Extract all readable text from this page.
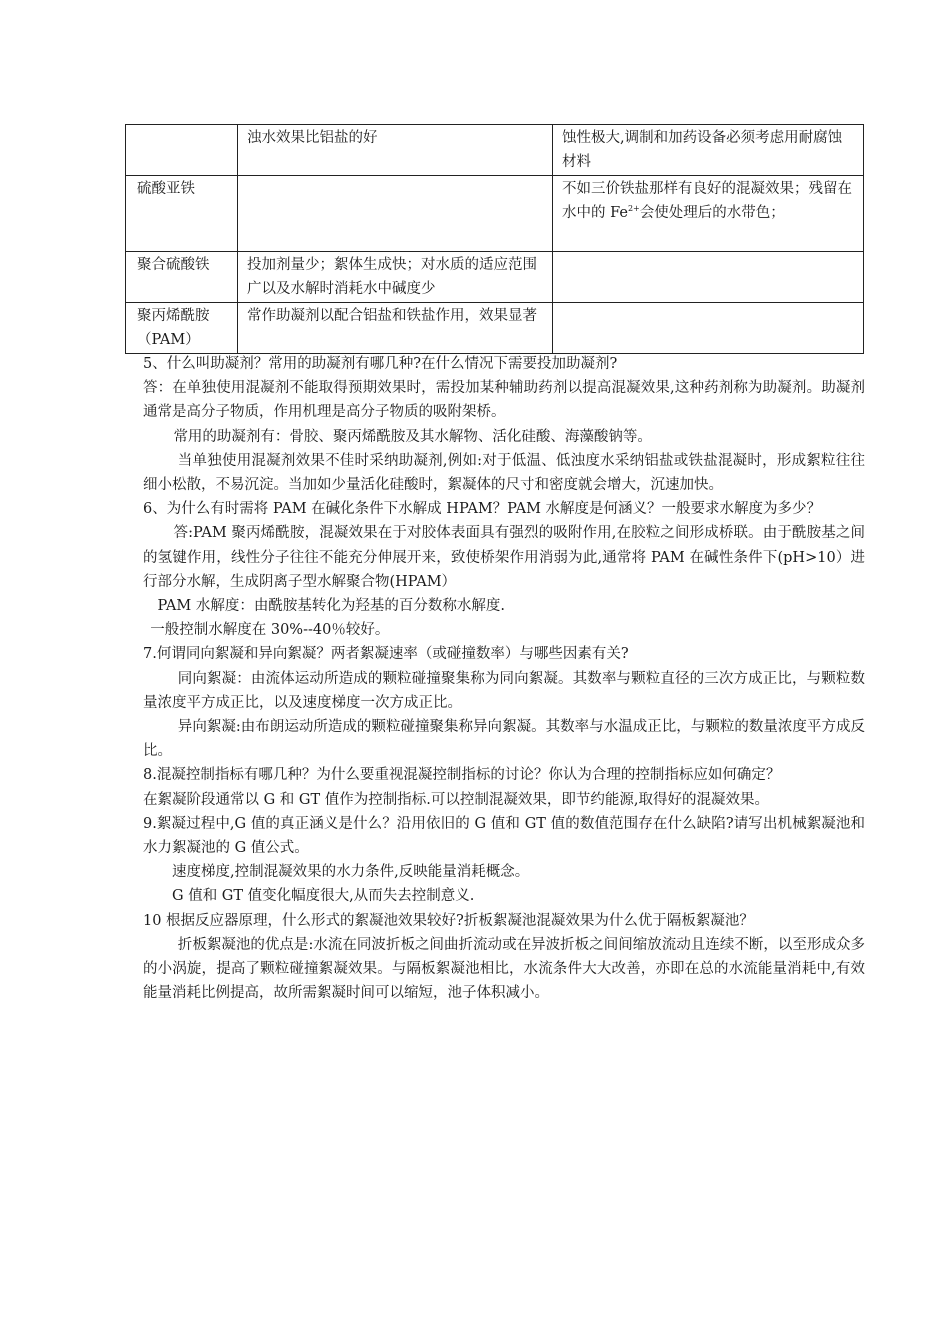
	浊水效果比铝盐的好	蚀性极大,调制和加药设备必须考虑用耐腐蚀材料
硫酸亚铁		不如三价铁盐那样有良好的混凝效果；残留在水中的 $Fe^{2+}$会使处理后的水带色；
聚合硫酸铁	投加剂量少；絮体生成快；对水质的适应范围广以及水解时消耗水中碱度少	
聚丙烯酰胺（PAM）	常作助凝剂以配合铝盐和铁盐作用，效果显著	

5、什么叫助凝剂？常用的助凝剂有哪几种?在什么情况下需要投加助凝剂?

答：在单独使用混凝剂不能取得预期效果时，需投加某种辅助药剂以提高混凝效果,这种药剂称为助凝剂。助凝剂通常是高分子物质，作用机理是高分子物质的吸附架桥。

常用的助凝剂有：骨胶、聚丙烯酰胺及其水解物、活化硅酸、海藻酸钠等。

当单独使用混凝剂效果不佳时采纳助凝剂,例如:对于低温、低浊度水采纳铝盐或铁盐混凝时，形成絮粒往往细小松散，不易沉淀。当加如少量活化硅酸时，絮凝体的尺寸和密度就会增大，沉速加快。

6、为什么有时需将 PAM 在碱化条件下水解成 HPAM？PAM 水解度是何涵义？一般要求水解度为多少？

答:PAM 聚丙烯酰胺，混凝效果在于对胶体表面具有强烈的吸附作用,在胶粒之间形成桥联。由于酰胺基之间的氢键作用，线性分子往往不能充分伸展开来，致使桥架作用消弱为此,通常将 PAM 在碱性条件下(pH>10）进行部分水解，生成阴离子型水解聚合物(HPAM）

PAM 水解度：由酰胺基转化为羟基的百分数称水解度.

一般控制水解度在 30%--40％较好。

7.何谓同向絮凝和异向絮凝？两者絮凝速率（或碰撞数率）与哪些因素有关?

同向絮凝：由流体运动所造成的颗粒碰撞聚集称为同向絮凝。其数率与颗粒直径的三次方成正比，与颗粒数量浓度平方成正比，以及速度梯度一次方成正比。

异向絮凝:由布朗运动所造成的颗粒碰撞聚集称异向絮凝。其数率与水温成正比，与颗粒的数量浓度平方成反比。

8.混凝控制指标有哪几种？为什么要重视混凝控制指标的讨论？你认为合理的控制指标应如何确定？

在絮凝阶段通常以 G 和 GT 值作为控制指标.可以控制混凝效果，即节约能源,取得好的混凝效果。

9.絮凝过程中,G 值的真正涵义是什么？沿用依旧的 G 值和 GT 值的数值范围存在什么缺陷?请写出机械絮凝池和水力絮凝池的 G 值公式。

速度梯度,控制混凝效果的水力条件,反映能量消耗概念。

G 值和 GT 值变化幅度很大,从而失去控制意义.

10 根据反应器原理，什么形式的絮凝池效果较好?折板絮凝池混凝效果为什么优于隔板絮凝池？

折板絮凝池的优点是:水流在同波折板之间曲折流动或在异波折板之间间缩放流动且连续不断，以至形成众多的小涡旋，提高了颗粒碰撞絮凝效果。与隔板絮凝池相比，水流条件大大改善，亦即在总的水流能量消耗中,有效能量消耗比例提高，故所需絮凝时间可以缩短，池子体积减小。
